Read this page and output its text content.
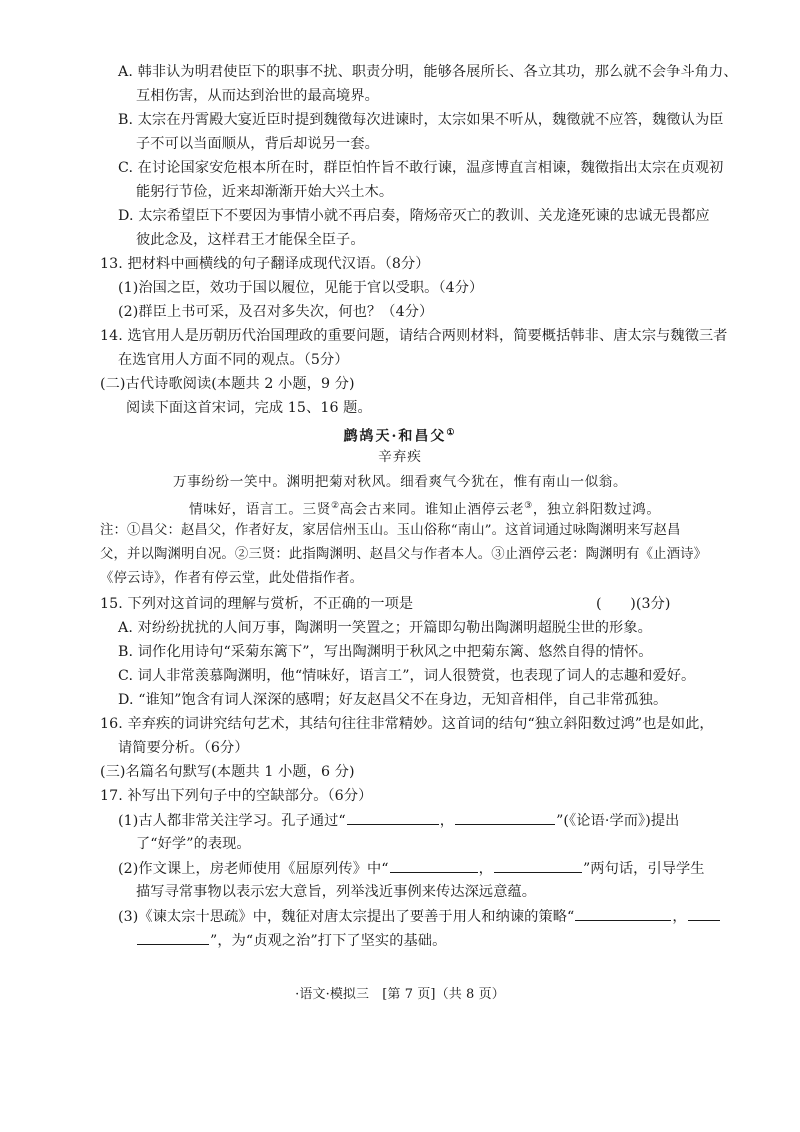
A. 韩非认为明君使臣下的职事不扰、职责分明，能够各展所长、各立其功，那么就不会争斗角力、
互相伤害，从而达到治世的最高境界。
B. 太宗在丹霄殿大宴近臣时提到魏徵每次进谏时，太宗如果不听从，魏徵就不应答，魏徵认为臣
子不可以当面顺从，背后却说另一套。
C. 在讨论国家安危根本所在时，群臣怕忤旨不敢行谏，温彦博直言相谏，魏徵指出太宗在贞观初
能躬行节俭，近来却渐渐开始大兴土木。
D. 太宗希望臣下不要因为事情小就不再启奏，隋炀帝灭亡的教训、关龙逄死谏的忠诚无畏都应
彼此念及，这样君王才能保全臣子。
13. 把材料中画横线的句子翻译成现代汉语。（8分）
(1)治国之臣，效功于国以履位，见能于官以受职。（4分）
(2)群臣上书可采，及召对多失次，何也？（4分）
14. 选官用人是历朝历代治国理政的重要问题，请结合两则材料，简要概括韩非、唐太宗与魏徵三者
在选官用人方面不同的观点。（5分）
(二)古代诗歌阅读(本题共 2 小题，9 分)
阅读下面这首宋词，完成 15、16 题。
鹧鸪天·和昌父①
辛弃疾
万事纷纷一笑中。渊明把菊对秋风。细看爽气今犹在，惟有南山一似翁。
情味好，语言工。三贤②高会古来同。谁知止酒停云老③，独立斜阳数过鸿。
注：①昌父：赵昌父，作者好友，家居信州玉山。玉山俗称“南山”。这首词通过咏陶渊明来写赵昌
父，并以陶渊明自况。②三贤：此指陶渊明、赵昌父与作者本人。③止酒停云老：陶渊明有《止酒诗》
《停云诗》，作者有停云堂，此处借指作者。
15. 下列对这首词的理解与赏析，不正确的一项是	(　　)(3分)
A. 对纷纷扰扰的人间万事，陶渊明一笑置之；开篇即勾勒出陶渊明超脱尘世的形象。
B. 词作化用诗句“采菊东篱下”，写出陶渊明于秋风之中把菊东篱、悠然自得的情怀。
C. 词人非常羡慕陶渊明，他“情味好，语言工”，词人很赞赏，也表现了词人的志趣和爱好。
D. “谁知”饱含有词人深深的感喟；好友赵昌父不在身边，无知音相伴，自己非常孤独。
16. 辛弃疾的词讲究结句艺术，其结句往往非常精妙。这首词的结句“独立斜阳数过鸿”也是如此，
请简要分析。（6分）
(三)名篇名句默写(本题共 1 小题，6 分)
17. 补写出下列句子中的空缺部分。（6分）
(1)古人都非常关注学习。孔子通过“	，	”(《论语·学而》)提出
了“好学”的表现。
(2)作文课上，房老师使用《屈原列传》中“	，	”两句话，引导学生
描写寻常事物以表示宏大意旨，列举浅近事例来传达深远意蕴。
(3)《谏太宗十思疏》中，魏征对唐太宗提出了要善于用人和纳谏的策略“	，
”，为“贞观之治”打下了坚实的基础。
·语文·模拟三　[第 7 页]（共 8 页）
